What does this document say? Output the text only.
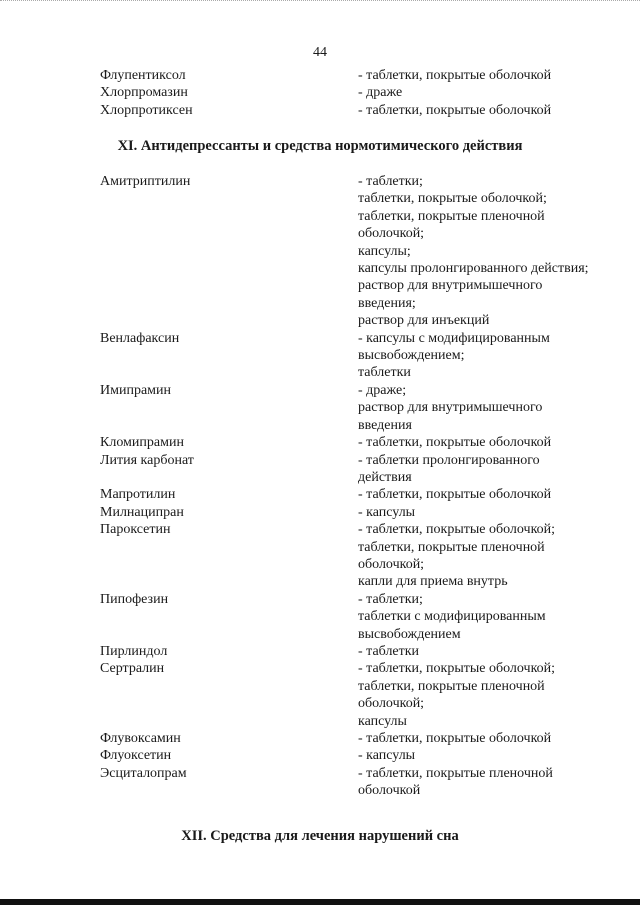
44
Флупентиксол	- таблетки, покрытые оболочкой
Хлорпромазин	- драже
Хлорпротиксен	- таблетки, покрытые оболочкой
XI. Антидепрессанты и средства нормотимического действия
Амитриптилин	- таблетки;
таблетки, покрытые оболочкой;
таблетки, покрытые пленочной
оболочкой;
капсулы;
капсулы пролонгированного действия;
раствор для внутримышечного
введения;
раствор для инъекций
Венлафаксин	- капсулы с модифицированным
высвобождением;
таблетки
Имипрамин	- драже;
раствор для внутримышечного
введения
Кломипрамин	- таблетки, покрытые оболочкой
Лития карбонат	- таблетки пролонгированного
действия
Мапротилин	- таблетки, покрытые оболочкой
Милнаципран	- капсулы
Пароксетин	- таблетки, покрытые оболочкой;
таблетки, покрытые пленочной
оболочкой;
капли для приема внутрь
Пипофезин	- таблетки;
таблетки с модифицированным
высвобождением
Пирлиндол	- таблетки
Сертралин	- таблетки, покрытые оболочкой;
таблетки, покрытые пленочной
оболочкой;
капсулы
Флувоксамин	- таблетки, покрытые оболочкой
Флуоксетин	- капсулы
Эсциталопрам	- таблетки, покрытые пленочной
оболочкой
XII. Средства для лечения нарушений сна
